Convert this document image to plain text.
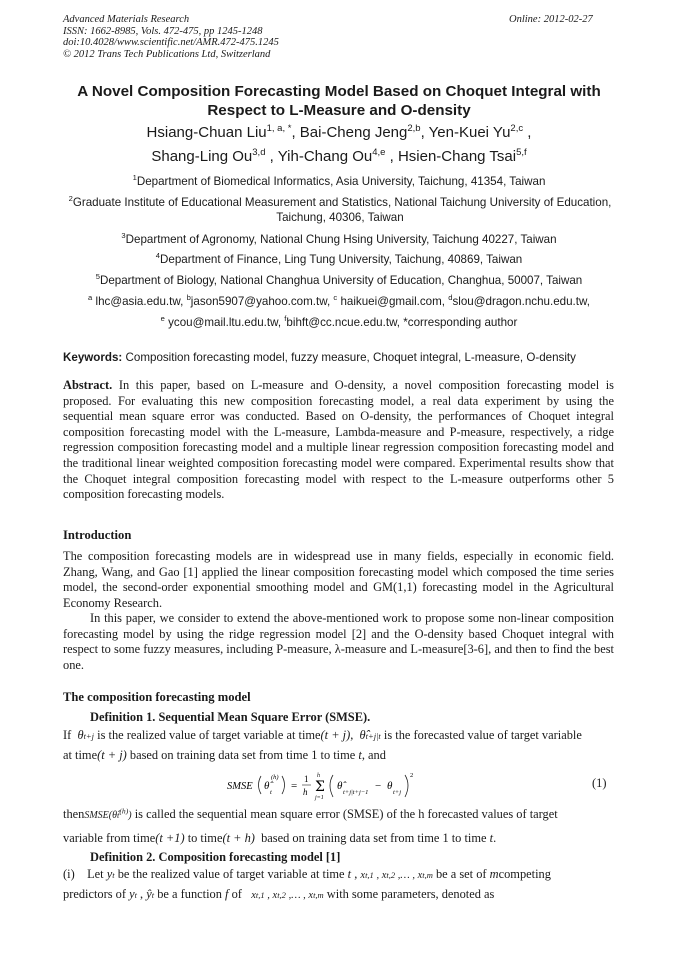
Advanced Materials Research
ISSN: 1662-8985, Vols. 472-475, pp 1245-1248
doi:10.4028/www.scientific.net/AMR.472-475.1245
© 2012 Trans Tech Publications Ltd, Switzerland
Online: 2012-02-27
A Novel Composition Forecasting Model Based on Choquet Integral with
Respect to L-Measure and O-density
Hsiang-Chuan Liu$^{1, a, *}$, Bai-Cheng Jeng$^{2,b}$, Yen-Kuei Yu$^{2,c}$ ,
Shang-Ling Ou$^{3,d}$ , Yih-Chang Ou$^{4,e}$ , Hsien-Chang Tsai$^{5,f}$
$^1$Department of Biomedical Informatics, Asia University, Taichung, 41354, Taiwan
$^2$Graduate Institute of Educational Measurement and Statistics, National Taichung University of Education, Taichung, 40306, Taiwan
$^3$Department of Agronomy, National Chung Hsing University, Taichung 40227, Taiwan
$^4$Department of Finance, Ling Tung University, Taichung, 40869, Taiwan
$^5$Department of Biology, National Changhua University of Education, Changhua, 50007, Taiwan
$^a$ lhc@asia.edu.tw, $^b$jason5907@yahoo.com.tw, $^c$ haikuei@gmail.com, $^d$slou@dragon.nchu.edu.tw,
$^e$ ycou@mail.ltu.edu.tw, $^f$bihft@cc.ncue.edu.tw, *corresponding author
Keywords: Composition forecasting model, fuzzy measure, Choquet integral, L-measure, O-density
Abstract. In this paper, based on L-measure and O-density, a novel composition forecasting model is proposed. For evaluating this new composition forecasting model, a real data experiment by using the sequential mean square error was conducted. Based on O-density, the performances of Choquet integral composition forecasting model with the L-measure, Lambda-measure and P-measure, respectively, a ridge regression composition forecasting model and a multiple linear regression composition forecasting model and the traditional linear weighted composition forecasting model were compared. Experimental results show that the Choquet integral composition forecasting model with respect to the L-measure outperforms other 5 composition forecasting models.
Introduction
The composition forecasting models are in widespread use in many fields, especially in economic field. Zhang, Wang, and Gao [1] applied the linear composition forecasting model which composed the time series model, the second-order exponential smoothing model and GM(1,1) forecasting model in the Agricultural Economy Research.
In this paper, we consider to extend the above-mentioned work to propose some non-linear composition forecasting model by using the ridge regression model [2] and the O-density based Choquet integral with respect to some fuzzy measures, including P-measure, λ-measure and L-measure[3-6], and then to find the best one.
The composition forecasting model
Definition 1. Sequential Mean Square Error (SMSE).
If  θt+j is the realized value of target variable at time(t + j),  θ̂t+j|t is the forecasted value of target variable
at time(t + j) based on training data set from time 1 to time t, and
SMSE θ̂
t
(h)
=
1
h Σ
h
j=1
θ̂
t+j|t+j−1
− θ
t+j
2
(1)
$thenSMSE(\thetât^{(h)})$ is called the sequential mean square error (SMSE) of the h forecasted values of target
variable from time(t +1) to time(t + h) based on training data set from time 1 to time t.
Definition 2. Composition forecasting model [1]
(i) Let yt be the realized value of target variable at time t , xt,1 , xt,2 ,… , xt,m be a set of mcompeting
predictors of yt , ŷt be a function f of xt,1 , xt,2 ,… , xt,m with some parameters, denoted as
